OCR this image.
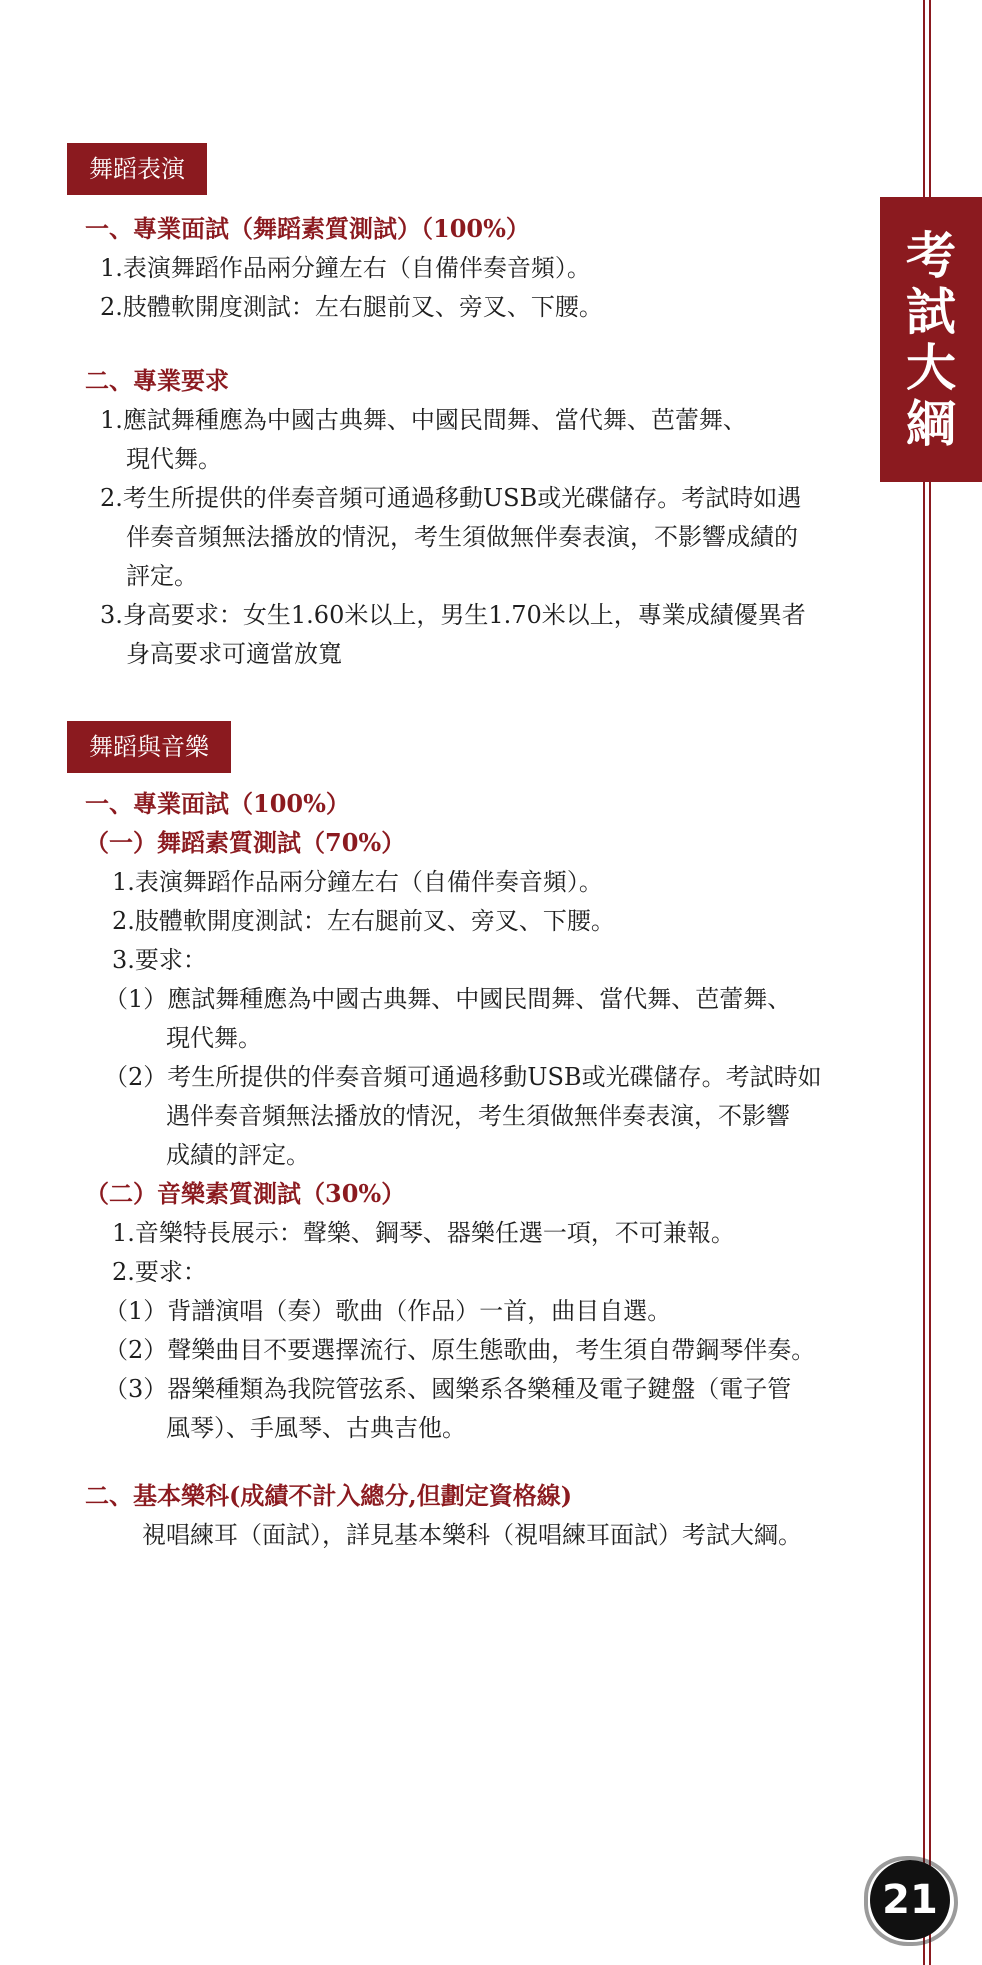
考
試
大
綱
舞蹈表演
一、專業面試（舞蹈素質測試）（100%）
1.表演舞蹈作品兩分鐘左右（自備伴奏音頻）。
2.肢體軟開度測試：左右腿前叉、旁叉、下腰。
二、專業要求
1.應試舞種應為中國古典舞、中國民間舞、當代舞、芭蕾舞、
現代舞。
2.考生所提供的伴奏音頻可通過移動USB或光碟儲存。考試時如遇
伴奏音頻無法播放的情況，考生須做無伴奏表演，不影響成績的
評定。
3.身高要求：女生1.60米以上，男生1.70米以上，專業成績優異者
身高要求可適當放寬
舞蹈與音樂
一、專業面試（100%）
（一）舞蹈素質測試（70%）
1.表演舞蹈作品兩分鐘左右（自備伴奏音頻）。
2.肢體軟開度測試：左右腿前叉、旁叉、下腰。
3.要求：
（1）應試舞種應為中國古典舞、中國民間舞、當代舞、芭蕾舞、
現代舞。
（2）考生所提供的伴奏音頻可通過移動USB或光碟儲存。考試時如
遇伴奏音頻無法播放的情況，考生須做無伴奏表演，不影響
成績的評定。
（二）音樂素質測試（30%）
1.音樂特長展示：聲樂、鋼琴、器樂任選一項，不可兼報。
2.要求：
（1）背譜演唱（奏）歌曲（作品）一首，曲目自選。
（2）聲樂曲目不要選擇流行、原生態歌曲，考生須自帶鋼琴伴奏。
（3）器樂種類為我院管弦系、國樂系各樂種及電子鍵盤（電子管
風琴）、手風琴、古典吉他。
二、基本樂科(成績不計入總分,但劃定資格線)
視唱練耳（面試），詳見基本樂科（視唱練耳面試）考試大綱。
21
